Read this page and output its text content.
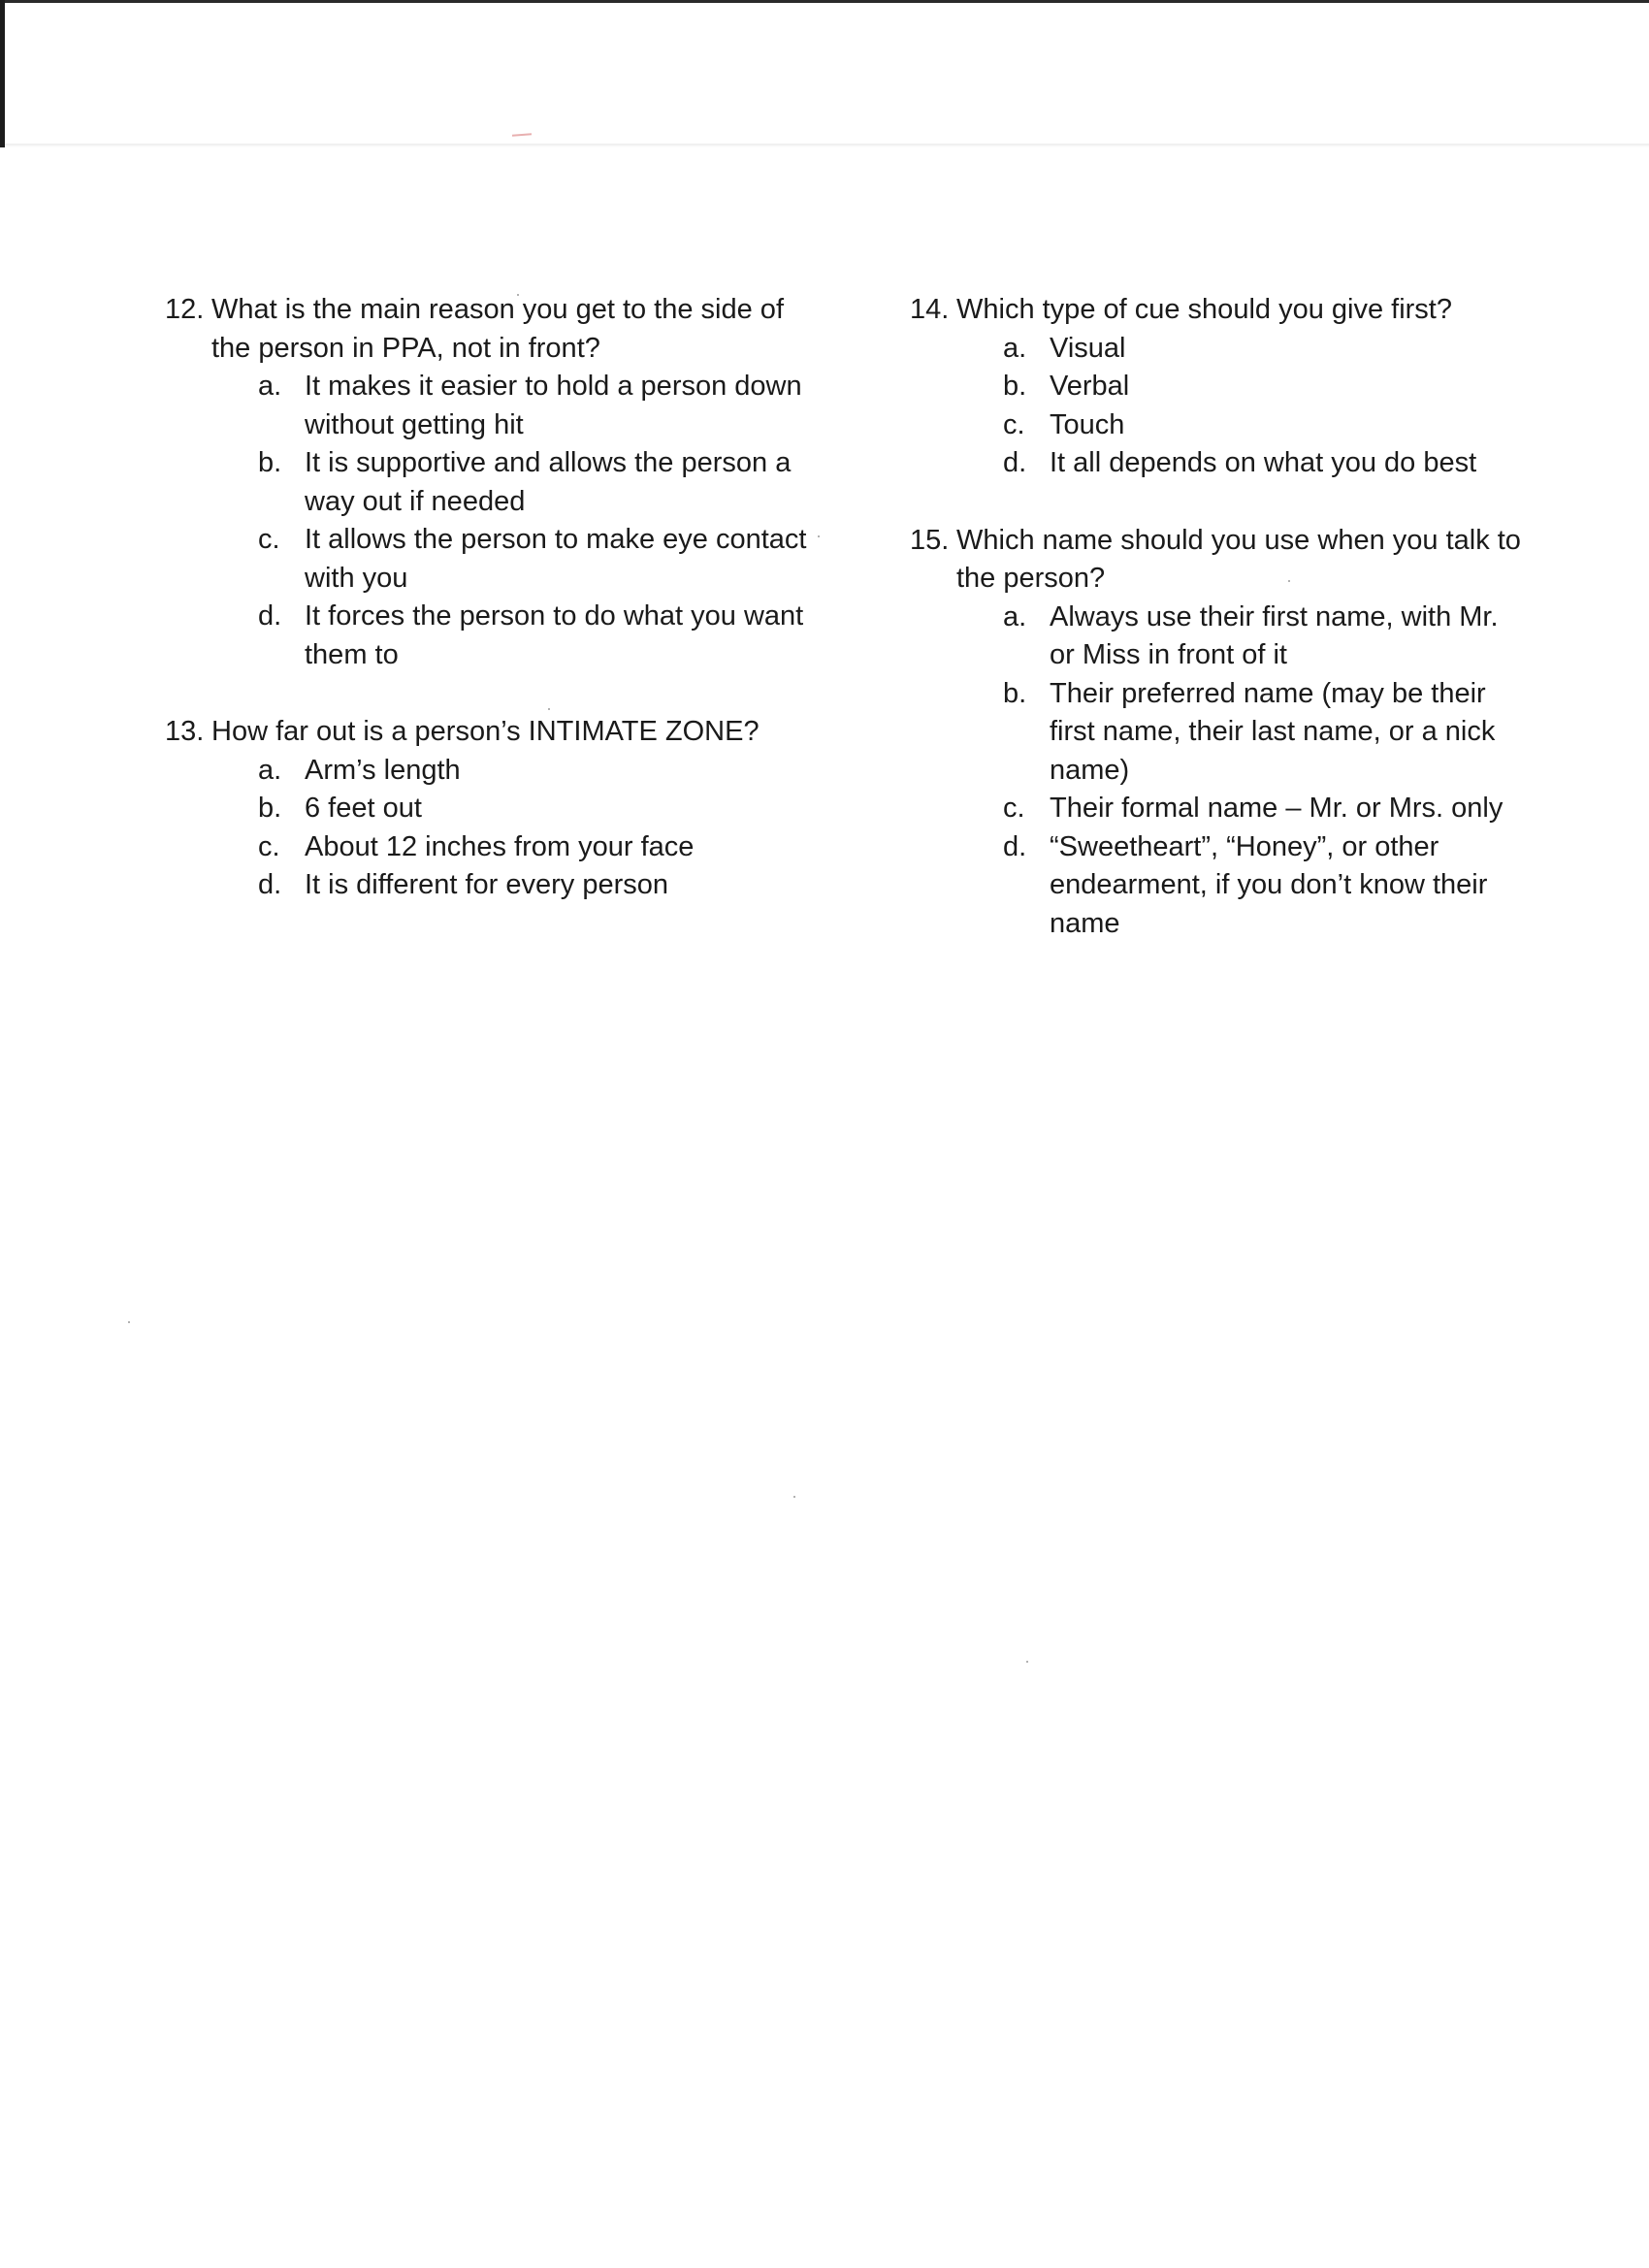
12. What is the main reason you get to the side of the person in PPA, not in front?
a. It makes it easier to hold a person down without getting hit
b. It is supportive and allows the person a way out if needed
c. It allows the person to make eye contact with you
d. It forces the person to do what you want them to
13. How far out is a person’s INTIMATE ZONE?
a. Arm’s length
b. 6 feet out
c. About 12 inches from your face
d. It is different for every person
14. Which type of cue should you give first?
a. Visual
b. Verbal
c. Touch
d. It all depends on what you do best
15. Which name should you use when you talk to the person?
a. Always use their first name, with Mr. or Miss in front of it
b. Their preferred name (may be their first name, their last name, or a nick name)
c. Their formal name – Mr. or Mrs. only
d. “Sweetheart”, “Honey”, or other endearment, if you don’t know their name
